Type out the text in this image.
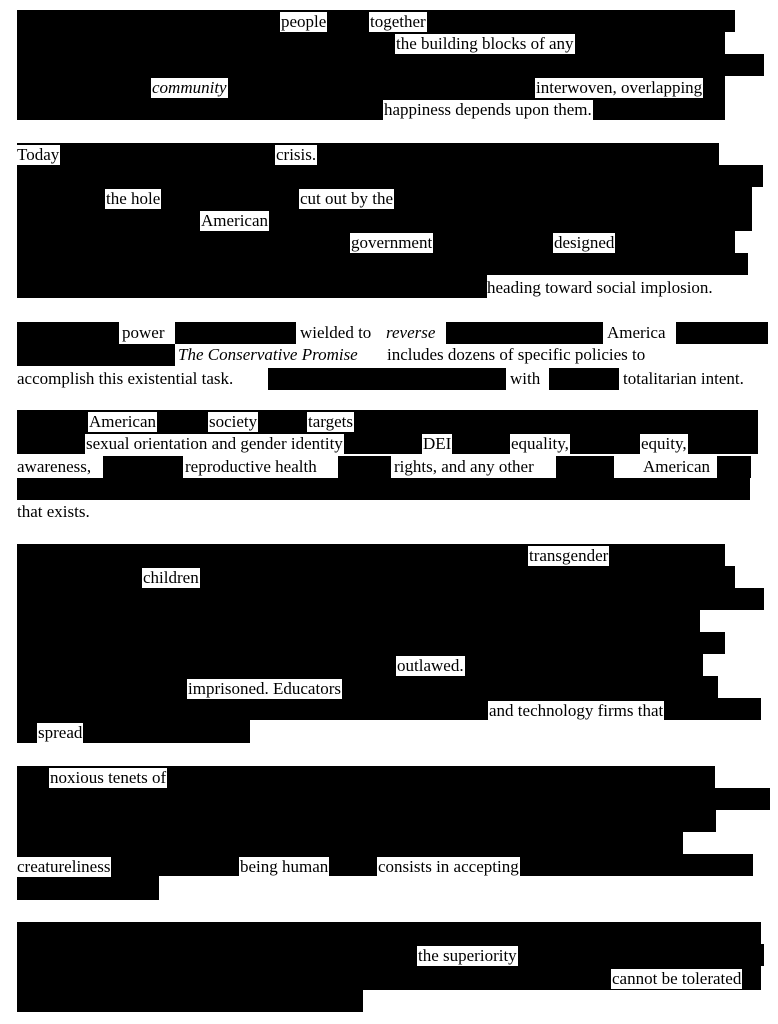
people	together
the building blocks of any
community	interwoven, overlapping
happiness depends upon them.
Today	crisis.
the hole	cut out by the
American
government	designed
heading toward social implosion.
power	wielded to reverse	America
The Conservative Promise includes dozens of specific policies to
accomplish this existential task.	with	totalitarian intent.
American	society	targets
sexual orientation and gender identity	DEI	equality,	equity,
awareness,	reproductive health	rights, and any other	American
that exists.
transgender
children
outlawed.
imprisoned. Educators
and technology firms that
spread
noxious tenets of
creatureliness	being human	consists in accepting
the superiority
cannot be tolerated
